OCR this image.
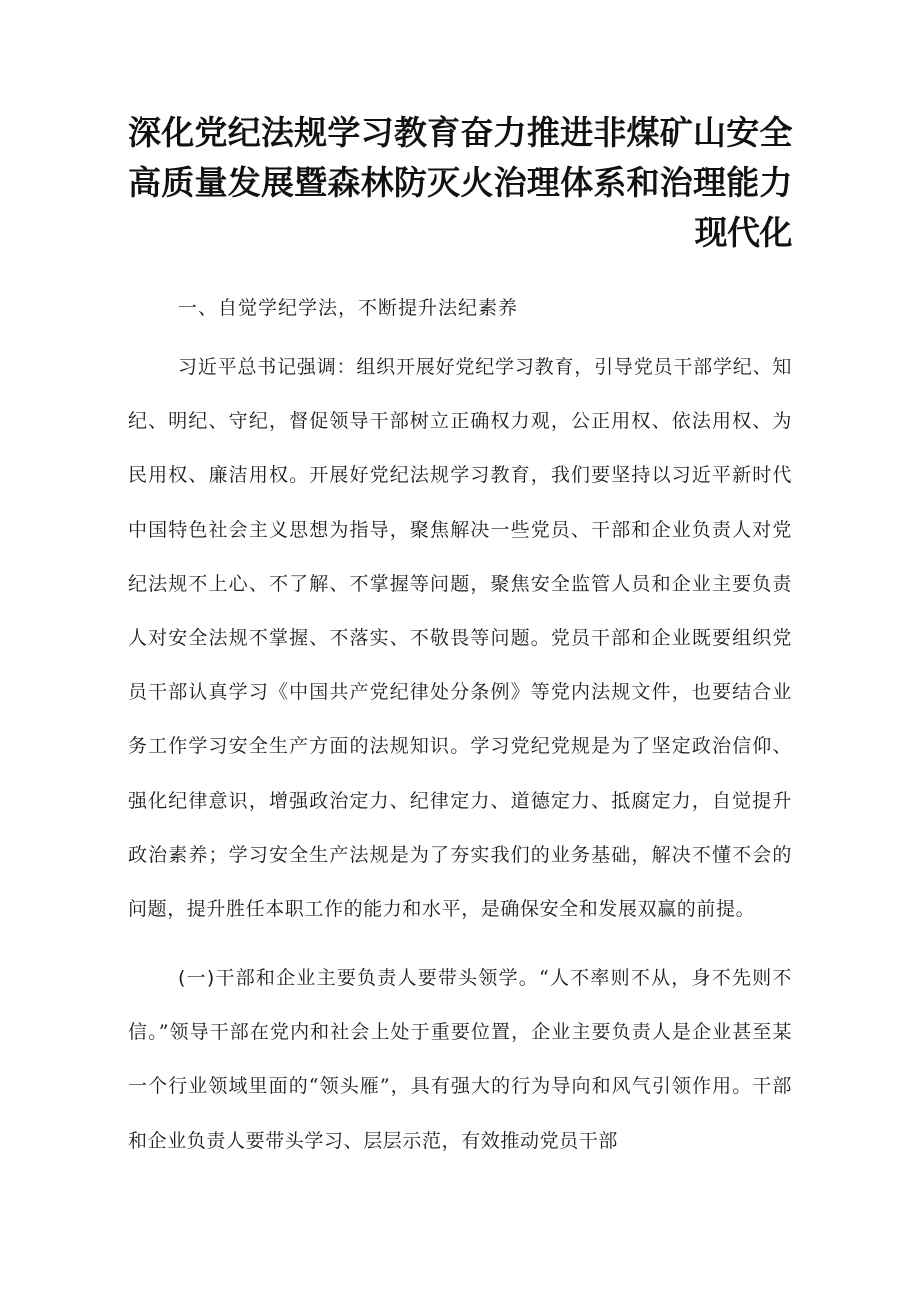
深化党纪法规学习教育奋力推进非煤矿山安全高质量发展暨森林防灭火治理体系和治理能力现代化
一、自觉学纪学法，不断提升法纪素养

习近平总书记强调：组织开展好党纪学习教育，引导党员干部学纪、知纪、明纪、守纪，督促领导干部树立正确权力观，公正用权、依法用权、为民用权、廉洁用权。开展好党纪法规学习教育，我们要坚持以习近平新时代中国特色社会主义思想为指导，聚焦解决一些党员、干部和企业负责人对党纪法规不上心、不了解、不掌握等问题，聚焦安全监管人员和企业主要负责人对安全法规不掌握、不落实、不敬畏等问题。党员干部和企业既要组织党员干部认真学习《中国共产党纪律处分条例》等党内法规文件，也要结合业务工作学习安全生产方面的法规知识。学习党纪党规是为了坚定政治信仰、强化纪律意识，增强政治定力、纪律定力、道德定力、抵腐定力，自觉提升政治素养；学习安全生产法规是为了夯实我们的业务基础，解决不懂不会的问题，提升胜任本职工作的能力和水平，是确保安全和发展双赢的前提。

(一)干部和企业主要负责人要带头领学。“人不率则不从，身不先则不信。”领导干部在党内和社会上处于重要位置，企业主要负责人是企业甚至某一个行业领域里面的“领头雁”，具有强大的行为导向和风气引领作用。干部和企业负责人要带头学习、层层示范，有效推动党员干部
